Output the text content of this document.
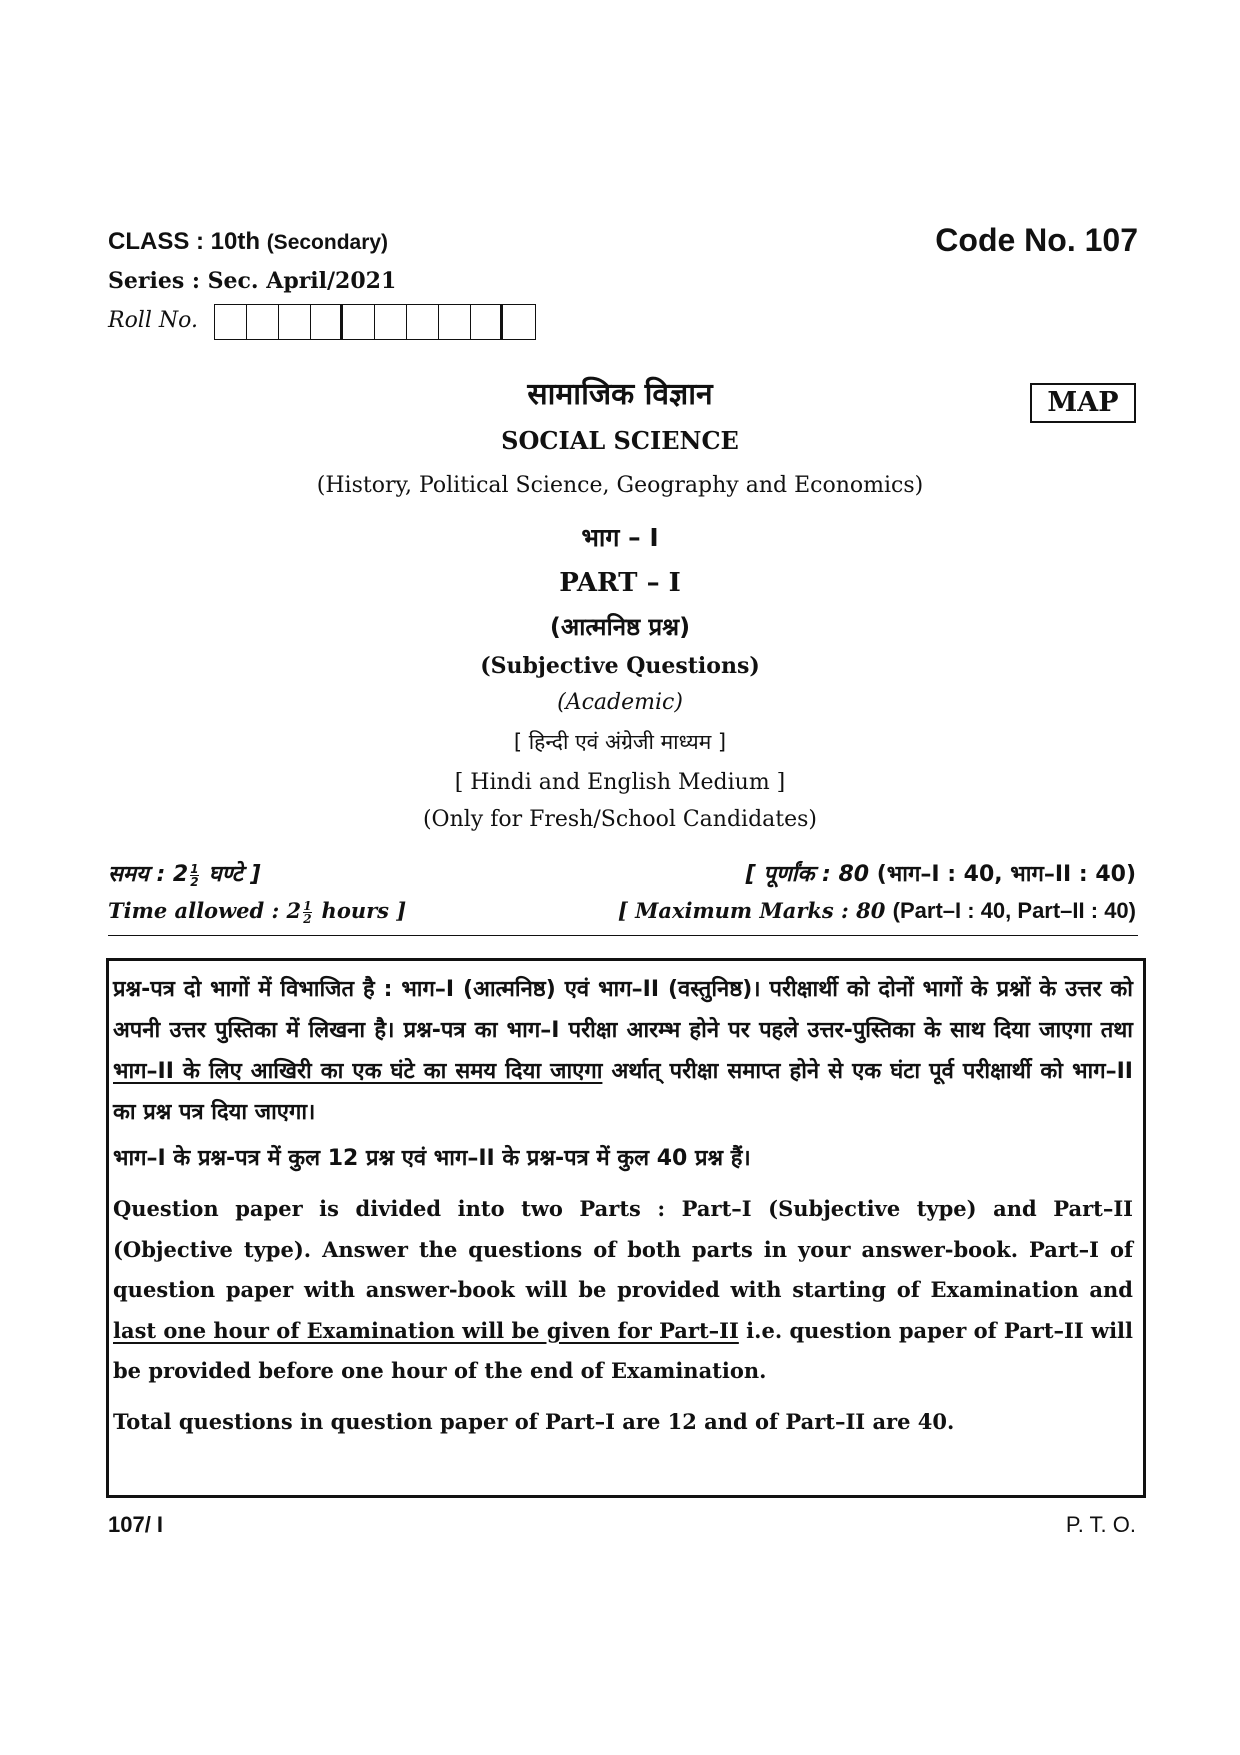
CLASS : 10th (Secondary)	Code No. 107
Series : Sec. April/2021
Roll No.
सामाजिक विज्ञान	MAP
SOCIAL SCIENCE
(History, Political Science, Geography and Economics)
भाग – I
PART – I
(आत्मनिष्ठ प्रश्न)
(Subjective Questions)
(Academic)
[ हिन्दी एवं अंग्रेजी माध्यम ]
[ Hindi and English Medium ]
(Only for Fresh/School Candidates)
समय : $2 \frac{1}{2}$ घण्टे ]	[ पूर्णांक : 80 (भाग–I : 40, भाग–II : 40)
Time allowed : $2 \frac{1}{2}$ hours ]	[ Maximum Marks : 80 (Part–I : 40, Part–II : 40)

प्रश्न-पत्र दो भागों में विभाजित है : भाग–I (आत्मनिष्ठ) एवं भाग–II (वस्तुनिष्ठ)। परीक्षार्थी को दोनों भागों के प्रश्नों के उत्तर को अपनी उत्तर पुस्तिका में लिखना है। प्रश्न-पत्र का भाग–I परीक्षा आरम्भ होने पर पहले उत्तर-पुस्तिका के साथ दिया जाएगा तथा भाग–II के लिए आखिरी का एक घंटे का समय दिया जाएगा अर्थात् परीक्षा समाप्त होने से एक घंटा पूर्व परीक्षार्थी को भाग–II का प्रश्न पत्र दिया जाएगा।

भाग–I के प्रश्न-पत्र में कुल 12 प्रश्न एवं भाग–II के प्रश्न-पत्र में कुल 40 प्रश्न हैं।

Question paper is divided into two Parts : Part–I (Subjective type) and Part–II (Objective type). Answer the questions of both parts in your answer-book. Part–I of question paper with answer-book will be provided with starting of Examination and last one hour of Examination will be given for Part–II i.e. question paper of Part–II will be provided before one hour of the end of Examination.

Total questions in question paper of Part–I are 12 and of Part–II are 40.

107/ I	P. T. O.
